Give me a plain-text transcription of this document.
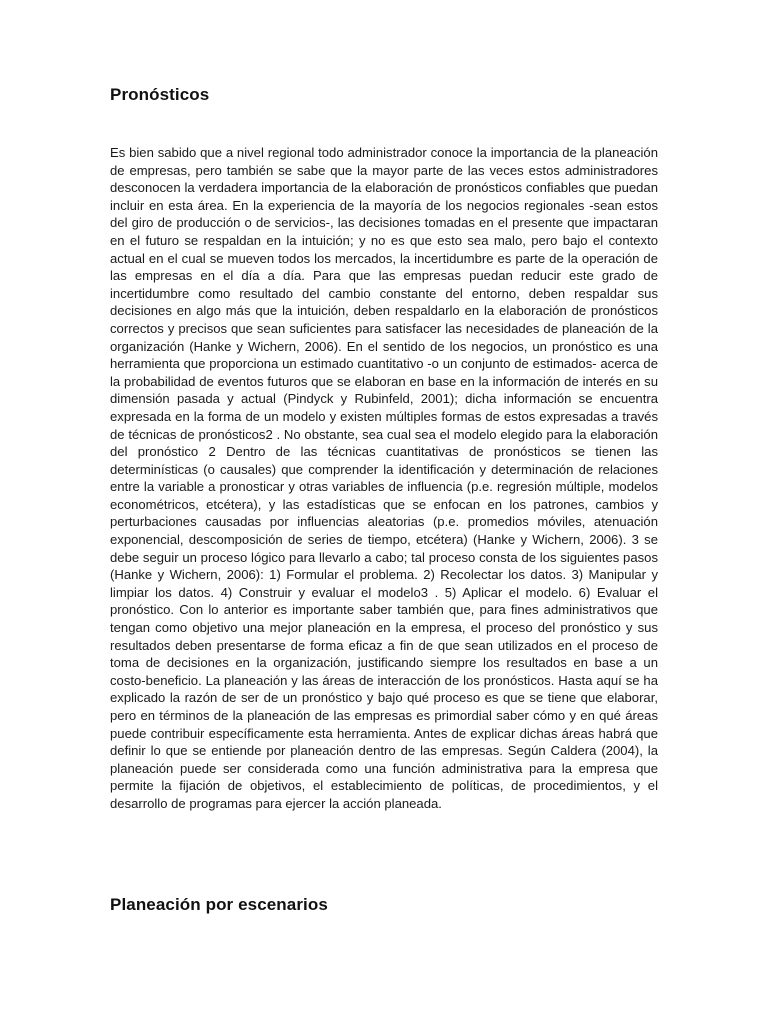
Pronósticos

Es bien sabido que a nivel regional todo administrador conoce la importancia de la planeación de empresas, pero también se sabe que la mayor parte de las veces estos administradores desconocen la verdadera importancia de la elaboración de pronósticos confiables que puedan incluir en esta área. En la experiencia de la mayoría de los negocios regionales -sean estos del giro de producción o de servicios-, las decisiones tomadas en el presente que impactaran en el futuro se respaldan en la intuición; y no es que esto sea malo, pero bajo el contexto actual en el cual se mueven todos los mercados, la incertidumbre es parte de la operación de las empresas en el día a día. Para que las empresas puedan reducir este grado de incertidumbre como resultado del cambio constante del entorno, deben respaldar sus decisiones en algo más que la intuición, deben respaldarlo en la elaboración de pronósticos correctos y precisos que sean suficientes para satisfacer las necesidades de planeación de la organización (Hanke y Wichern, 2006). En el sentido de los negocios, un pronóstico es una herramienta que proporciona un estimado cuantitativo -o un conjunto de estimados- acerca de la probabilidad de eventos futuros que se elaboran en base en la información de interés en su dimensión pasada y actual (Pindyck y Rubinfeld, 2001); dicha información se encuentra expresada en la forma de un modelo y existen múltiples formas de estos expresadas a través de técnicas de pronósticos2 . No obstante, sea cual sea el modelo elegido para la elaboración del pronóstico 2 Dentro de las técnicas cuantitativas de pronósticos se tienen las determinísticas (o causales) que comprender la identificación y determinación de relaciones entre la variable a pronosticar y otras variables de influencia (p.e. regresión múltiple, modelos econométricos, etcétera), y las estadísticas que se enfocan en los patrones, cambios y perturbaciones causadas por influencias aleatorias (p.e. promedios móviles, atenuación exponencial, descomposición de series de tiempo, etcétera) (Hanke y Wichern, 2006). 3 se debe seguir un proceso lógico para llevarlo a cabo; tal proceso consta de los siguientes pasos (Hanke y Wichern, 2006): 1) Formular el problema. 2) Recolectar los datos. 3) Manipular y limpiar los datos. 4) Construir y evaluar el modelo3 . 5) Aplicar el modelo. 6) Evaluar el pronóstico. Con lo anterior es importante saber también que, para fines administrativos que tengan como objetivo una mejor planeación en la empresa, el proceso del pronóstico y sus resultados deben presentarse de forma eficaz a fin de que sean utilizados en el proceso de toma de decisiones en la organización, justificando siempre los resultados en base a un costo-beneficio. La planeación y las áreas de interacción de los pronósticos. Hasta aquí se ha explicado la razón de ser de un pronóstico y bajo qué proceso es que se tiene que elaborar, pero en términos de la planeación de las empresas es primordial saber cómo y en qué áreas puede contribuir específicamente esta herramienta. Antes de explicar dichas áreas habrá que definir lo que se entiende por planeación dentro de las empresas. Según Caldera (2004), la planeación puede ser considerada como una función administrativa para la empresa que permite la fijación de objetivos, el establecimiento de políticas, de procedimientos, y el desarrollo de programas para ejercer la acción planeada.

Planeación por escenarios
